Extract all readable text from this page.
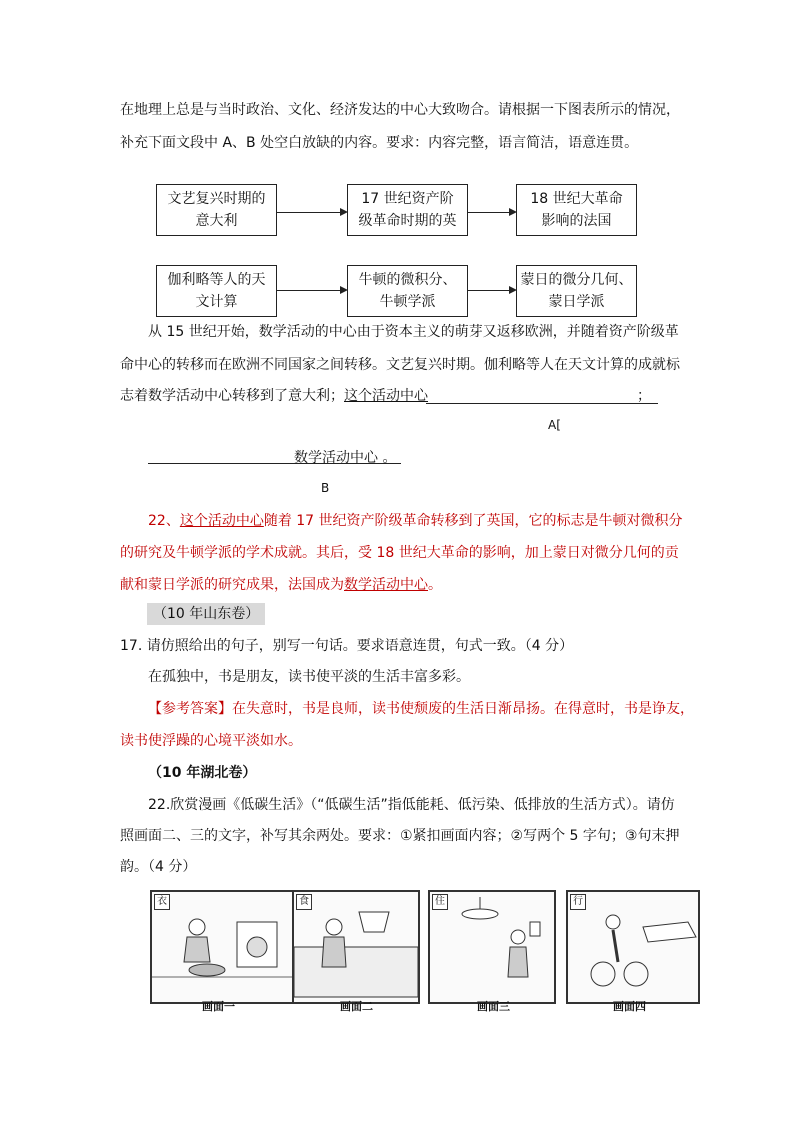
在地理上总是与当时政治、文化、经济发达的中心大致吻合。请根据一下图表所示的情况，
补充下面文段中 A、B 处空白放缺的内容。要求：内容完整，语言简洁，语意连贯。
文艺复兴时期的
意大利
17 世纪资产阶
级革命时期的英
18 世纪大革命
影响的法国
伽利略等人的天
文计算
牛顿的微积分、
牛顿学派
蒙日的微分几何、
蒙日学派
从 15 世纪开始，数学活动的中心由于资本主义的萌芽又返移欧洲，并随着资产阶级革
命中心的转移而在欧洲不同国家之间转移。文艺复兴时期。伽利略等人在天文计算的成就标
志着数学活动中心转移到了意大利；这个活动中心	；
A[
数学活动中心 。
B
22、这个活动中心随着 17 世纪资产阶级革命转移到了英国，它的标志是牛顿对微积分
的研究及牛顿学派的学术成就。其后，受 18 世纪大革命的影响，加上蒙日对微分几何的贡
献和蒙日学派的研究成果，法国成为数学活动中心。
（10 年山东卷）
17. 请仿照给出的句子，别写一句话。要求语意连贯，句式一致。（4 分）
在孤独中，书是朋友，读书使平淡的生活丰富多彩。
【参考答案】在失意时，书是良师，读书使颓废的生活日渐昂扬。在得意时，书是诤友，
读书使浮躁的心境平淡如水。
（10 年湖北卷）
22.欣赏漫画《低碳生活》（“低碳生活”指低能耗、低污染、低排放的生活方式）。请仿
照画面二、三的文字，补写其余两处。要求：①紧扣画面内容；②写两个 5 字句；③句末押
韵。（4 分）
衣	食	住	行
画面一	画面二	画面三	画面四
